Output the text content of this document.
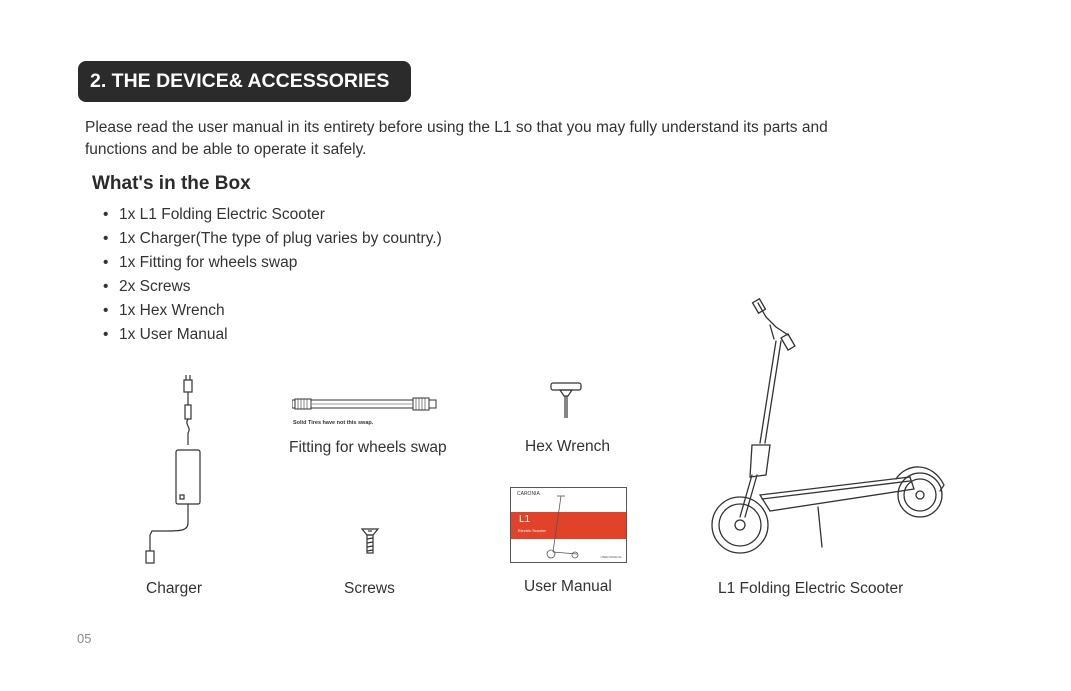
2. THE DEVICE& ACCESSORIES
Please read the user manual in its entirety before using the L1 so that you may fully understand its parts and functions and be able to operate it safely.
What's in the Box
• 1x L1 Folding Electric Scooter
• 1x Charger(The type of plug varies by country.)
• 1x Fitting for wheels swap
• 2x Screws
• 1x Hex Wrench
• 1x User Manual
Solid Tires have not this swap.
CARONIA
L1
Electric Scooter
USER MANUAL
Charger
Fitting for wheels swap
Screws
Hex Wrench
User Manual	L1 Folding Electric Scooter
05
